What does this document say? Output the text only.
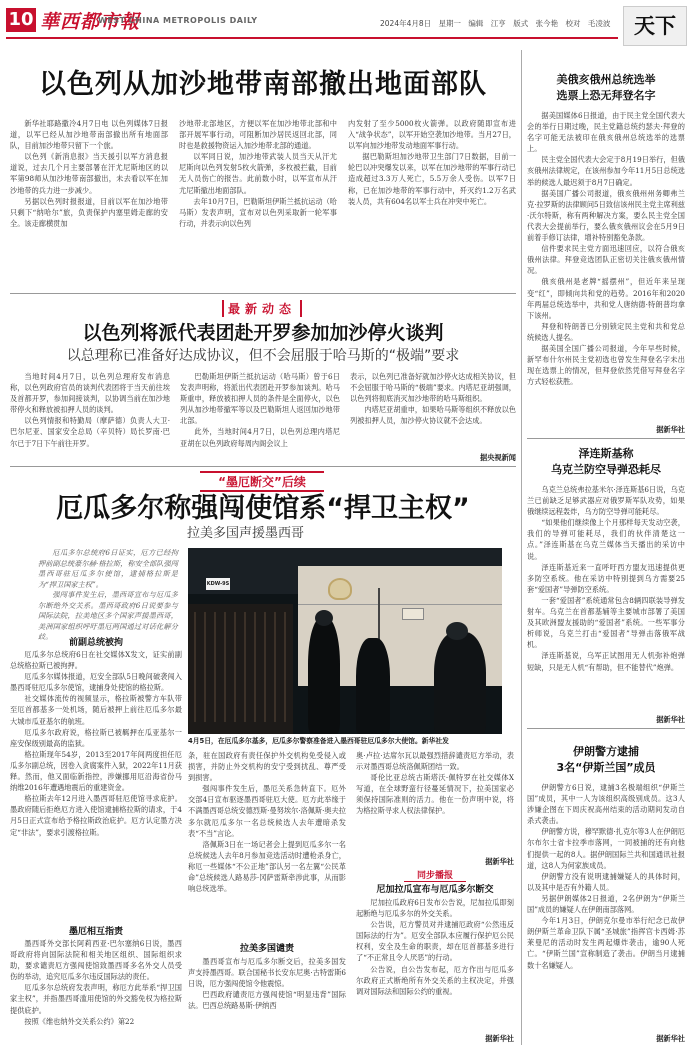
10 華西都市報
WEST CHINA METROPOLIS DAILY	2024年4月8日 星期一 编辑 江亨 版式 张今艳 校对 毛凌波	天下
以色列从加沙地带南部撤出地面部队
新华社耶路撒冷4月7日电 以色列媒体7日报道，以军已经从加沙地带南部撤出所有地面部队，目前加沙地带只留下一个旅。
以色列《新消息报》当天援引以军方消息报道说，过去几个月主要部署在汗尤尼斯地区的以军第98师从加沙地带南部撤出，未去看以军在加沙地带的兵力进一步减少。
另据以色列时报报道，目前以军在加沙地带只剩下“纳哈尔”旅，负责保护内塞里姆走廊的安全。该走廊横贯加
沙地带北部地区，方便以军在加沙地带北部和中部开展军事行动，可阻断加沙居民返回北部，同时也是救援物资运入加沙地带北部的通道。
以军同日说，加沙地带武装人员当天从汗尤尼斯向以色列发射5枚火箭弹，多枚被拦截，目前无人员伤亡的报告。此前数小时，以军宣布从汗尤尼斯撤出地面部队。
去年10月7日，巴勒斯坦伊斯兰抵抗运动（哈马斯）发表声明，宣布对以色列采取新一轮军事行动，并表示向以色列
内发射了至少5000枚火箭弹。以政府随即宣布进入“战争状态”，以军开始空袭加沙地带。当月27日，以军向加沙地带发动地面军事行动。
据巴勒斯坦加沙地带卫生部门7日数据，目前一轮巴以冲突爆发以来，以军在加沙地带的军事行动已造成超过3.3万人死亡，5.5万余人受伤。以军7日称，已在加沙地带的军事行动中，歼灭约1.2万名武装人员，共有604名以军士兵在冲突中死亡。
最新动态
以色列将派代表团赴开罗参加加沙停火谈判
以总理称已准备好达成协议，但不会屈服于哈马斯的“极端”要求
当地时间4月7日，以色列总理府发布消息称，以色列政府官员的谈判代表团将于当天前往埃及首都开罗，参加间接谈判，以协调当前在加沙地带停火和释放被扣押人员的谈判。
以色列情报和特勤局（摩萨德）负责人大卫·巴尔尼亚、国家安全总局（辛贝特）局长罗南·巴尔已于7日下午前往开罗。
巴勒斯坦伊斯兰抵抗运动（哈马斯）曾于6日发表声明称，将派出代表团赴开罗参加谈判。哈马斯重申，释放被扣押人员的条件是全面停火，以色列从加沙地带撤军等以及巴勒斯坦人返回加沙地带北部。
此外，当地时间4月7日，以色列总理内塔尼亚胡在以色列政府每周内阁会议上
表示，以色列已准备好就加沙停火达成相关协议，但不会屈服于哈马斯的“极端”要求。内塔尼亚胡强调，以色列将彻底消灭加沙地带的哈马斯组织。
内塔尼亚胡重申，如果哈马斯等组织不释放以色列被扣押人员，加沙停火协议就不会达成。
据央视新闻
“墨厄断交”后续
厄瓜多尔称强闯使馆系“捍卫主权”
拉美多国声援墨西哥
厄瓜多尔总统府6日证实，厄方已经拘押前副总统豪尔赫·格拉斯，称安全部队强闯墨西哥驻厄瓜多尔使馆，逮捕格拉斯是为“捍卫国家主权”。
强闯事件发生后，墨西哥宣布与厄瓜多尔断绝外交关系。墨西哥政府6日说要参与国际法院，拉美地区多个国家声援墨西哥，美洲国家组织呼吁墨厄两国通过对话化解分歧。
KDW-9S
4月5日，在厄瓜多尔基多，厄瓜多尔警察准备进入墨西哥驻厄瓜多尔大使馆。新华社发
前副总统被拘
厄瓜多尔总统府6日在社交媒体X发文，证实前副总统格拉斯已被拘押。
厄瓜多尔媒体报道，厄安全部队5日晚间破袭闯入墨西哥驻厄瓜多尔使馆，逮捕身处使馆的格拉斯。
社交媒体流传的视频显示，格拉斯被警方车队带至厄首都基多一处机场，随后被押上前往厄瓜多尔最大城市瓜亚基尔的航班。
厄瓜多尔政府说，格拉斯已被羁押在瓜亚基尔一座安保级别最高的监狱。
格拉斯现年54岁，2013至2017年间两度担任厄瓜多尔副总统，因卷入贪腐案件入狱，2022年11月获释。然而，他又面临新指控，涉嫌挪用厄沿海省份马纳维2016年遭遇地震后的重建资金。
格拉斯去年12月进入墨西哥驻厄使馆寻求庇护。墨政府随后拒绝厄方进入使馆逮捕格拉斯的请求，于4月5日正式宣布给予格拉斯政治庇护。厄方认定墨方决定“非法”，要求引渡格拉斯。
墨厄相互指责
墨西哥外交部长阿莉西亚·巴尔塞纳6日说，墨西哥政府将向国际法院和相关地区组织、国际组织求助，要求谴责厄方强闯使馆致墨西哥多名外交人员受伤的举动，追究厄瓜多尔违反国际法的责任。
厄瓜多尔总统府发表声明，称厄方此举系“捍卫国家主权”，并指墨西哥滥用使馆的外交豁免权为格拉斯提供庇护。
按照《维也纳外交关系公约》第22
条，驻在国政府有责任保护外交机构免受侵入或损害，并防止外交机构的安宁受到扰乱、尊严受到损害。
强闯事件发生后，墨厄关系急转直下。厄外交部4日宣布驱逐墨西哥驻厄大使。厄方此举缘于不满墨西哥总统安德烈斯·曼努埃尔·洛佩斯·奥夫拉多尔就厄瓜多尔一名总统候选人去年遭暗杀发表“不当”言论。
洛佩斯3日在一场记者会上提到厄瓜多尔一名总统候选人去年8月参加竞选活动时遭枪杀身亡，称厄一些媒体“不公正地”部认另一名左翼“公民革命”总统候选人路易莎·冈萨雷斯牵涉此事，从而影响总统选举。
拉美多国谴责
墨西哥宣布与厄瓜多尔断交后，拉美多国发声支持墨西哥。联合国秘书长安东尼奥·古特雷斯6日说，厄方强闯使馆令他震惊。
巴西政府谴责厄方强闯使馆“明显违背”国际法。巴西总统路易斯·伊纳西
奥·卢拉·达席尔瓦以最强烈措辞谴责厄方举动，表示对墨西哥总统洛佩斯团结一致。
哥伦比亚总统古斯塔沃·佩特罗在社交媒体X写道，在全球野蛮行径蔓延情况下，拉美国家必须保持国际准则的活力。他在一份声明中说，将为格拉斯寻求人权法律保护。
据新华社
同步播报
尼加拉瓜宣布与厄瓜多尔断交
尼加拉瓜政府6日发布公告说，尼加拉瓜即刻起断绝与厄瓜多尔的外交关系。
公告说，厄方警员对并逮捕厄政府“公然违反国际法的行为”。厄安全部队本应履行保护厄公民权利，安全及生命的职责，却在厄首都基多进行了“不正常且令人厌恶”的行动。
公告说，自公告发布起，厄方作出与厄瓜多尔政府正式断绝所有外交关系的主权决定，并强调对国际法和国际公约的重视。
据新华社
美俄亥俄州总统选举
选票上恐无拜登名字
据美国媒体6日报道，由于民主党全国代表大会的举行日期过晚，民主党籍总统约瑟夫·拜登的名字可能无法被印在俄亥俄州总统选举的选票上。
民主党全国代表大会定于8月19日举行，但俄亥俄州法律规定，在该州参加今年11月5日总统选举的候选人最迟须于8月7日确定。
据美国广播公司报道，俄亥俄州州务卿弗兰克·拉罗斯的法律顾问5日致信该州民主党主席利兹·沃尔特斯，称有两种解决方案，要么民主党全国代表大会提前举行，要么俄亥俄州议会在5月9日前着手修订法律，增补特别豁免条款。
信件要求民主党方面迅速回应，以符合俄亥俄州法律。拜登竞选团队正密切关注俄亥俄州情况。
俄亥俄州是老牌“摇摆州”，但近年来呈现变“红”，即倾向共和党的趋势。2016年和2020年两届总统选举中，共和党人唐纳德·特朗普均拿下该州。
拜登和特朗普已分别锁定民主党和共和党总统候选人提名。
据美国全国广播公司报道，今年早些时候，新罕布什尔州民主党初选也曾发生拜登名字未出现在选票上的情况，但拜登依然凭借写拜登名字方式轻松获胜。
据新华社
泽连斯基称
乌克兰防空导弹恐耗尽
乌克兰总统弗拉基米尔·泽连斯基6日说，乌克兰已前缺乏足够武器应对俄罗斯军队攻势，如果俄继续远程轰炸，乌方防空导弹可能耗尽。
“如果他们继续像上个月那样每天发动空袭，我们的导弹可能耗尽，我们的伙伴清楚这一点。”泽连斯基在乌克兰媒体当天播出的采访中说。
泽连斯基近来一直呼吁西方盟友迅速提供更多防空系统。他在采访中特别提到乌方需要25套“爱国者”导弹防空系统。
一套“爱国者”系统通常包含8辆四联装导弹发射车。乌克兰在首都基辅等主要城市部署了美国及其欧洲盟友援助的“爱国者”系统。一些军事分析师说，乌克兰打击“爱国者”导弹击落俄军战机。
泽连斯基说，乌军正试图用无人机弥补炮弹短缺，只是无人机“有帮助，但不能替代”炮弹。
据新华社
伊朗警方逮捕
3名“伊斯兰国”成员
伊朗警方6日说，逮捕3名极端组织“伊斯兰国”成员，其中一人为该组织高级别成员。这3人涉嫌企图在下周庆祝高州结束的活动期间发动自杀式袭击。
伊朗警方说，穆罕默德·扎克尔等3人在伊朗厄尔布尔士省卡拉季市落网，一同被捕的还有向他们提供一起的8人。据伊朗国际兰共和国通讯社报道，这8人为何家族成员。
伊朗警方没有说明逮捕嫌疑人的具体时间，以及其中是否有外籍人员。
另据伊朗媒体2日报道，2名伊朗为“伊斯兰国”成员的嫌疑人在伊朗南部落网。
今年1月3日，伊朗克尔曼市举行纪念已故伊朗伊斯兰革命卫队下属“圣城旅”指挥官卡西姆·苏莱曼尼的活动时发生两起爆炸袭击，逾90人死亡。“伊斯兰国”宣称制造了袭击。伊朗当月逮捕数十名嫌疑人。
据新华社
